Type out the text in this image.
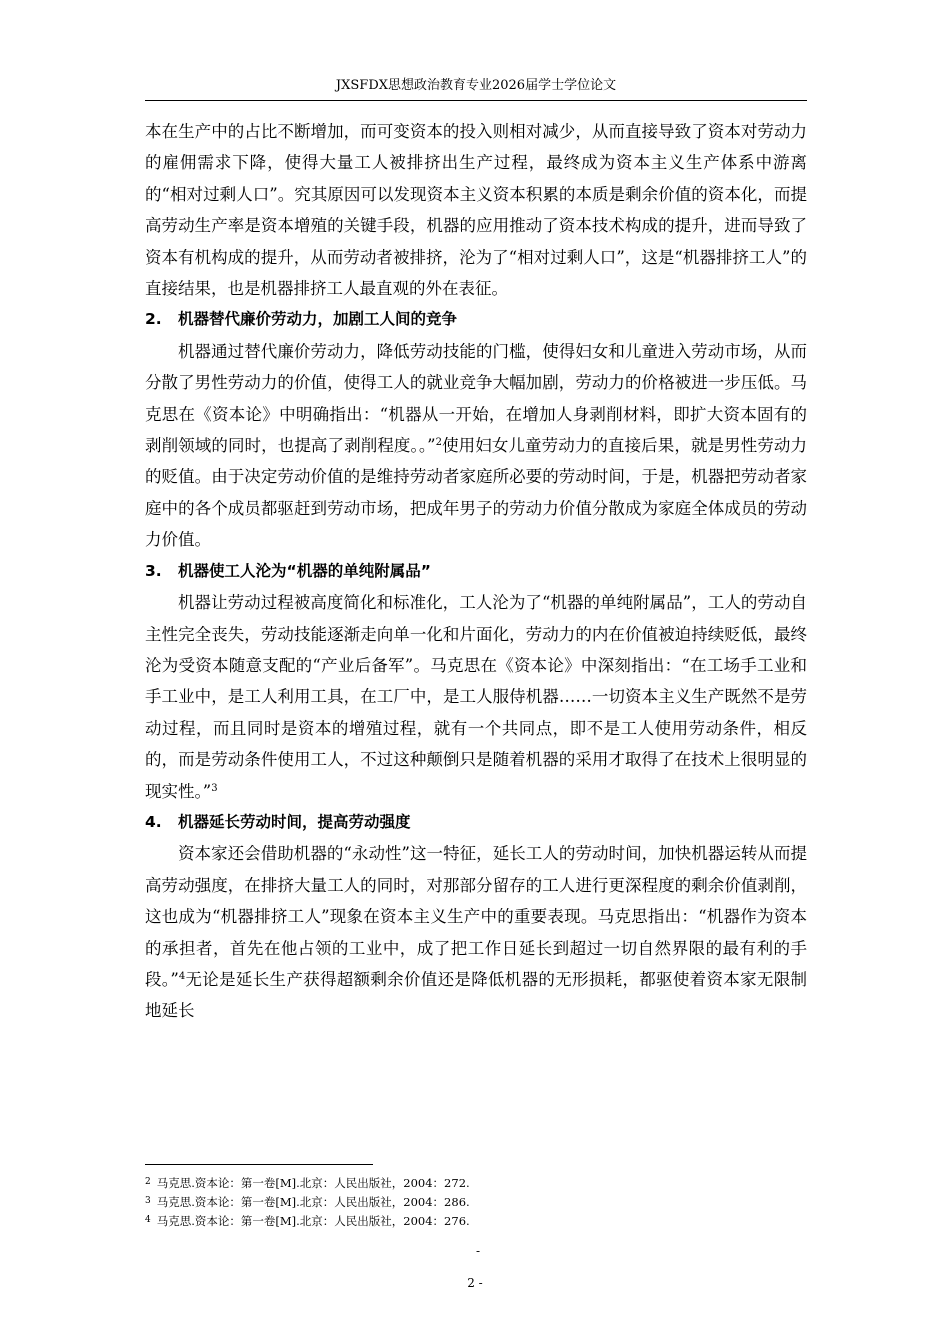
JXSFDX思想政治教育专业2026届学士学位论文

本在生产中的占比不断增加，而可变资本的投入则相对减少，从而直接导致了资本对劳动力的雇佣需求下降，使得大量工人被排挤出生产过程，最终成为资本主义生产体系中游离的“相对过剩人口”。究其原因可以发现资本主义资本积累的本质是剩余价值的资本化，而提高劳动生产率是资本增殖的关键手段，机器的应用推动了资本技术构成的提升，进而导致了资本有机构成的提升，从而劳动者被排挤，沦为了“相对过剩人口”，这是“机器排挤工人”的直接结果，也是机器排挤工人最直观的外在表征。

2. 机器替代廉价劳动力，加剧工人间的竞争

机器通过替代廉价劳动力，降低劳动技能的门槛，使得妇女和儿童进入劳动市场，从而分散了男性劳动力的价值，使得工人的就业竞争大幅加剧，劳动力的价格被进一步压低。马克思在《资本论》中明确指出：“机器从一开始，在增加人身剥削材料，即扩大资本固有的剥削领域的同时，也提高了剥削程度。。”$^2$使用妇女儿童劳动力的直接后果，就是男性劳动力的贬值。由于决定劳动价值的是维持劳动者家庭所必要的劳动时间，于是，机器把劳动者家庭中的各个成员都驱赶到劳动市场，把成年男子的劳动力价值分散成为家庭全体成员的劳动力价值。

3. 机器使工人沦为“机器的单纯附属品”

机器让劳动过程被高度简化和标准化，工人沦为了“机器的单纯附属品”，工人的劳动自主性完全丧失，劳动技能逐渐走向单一化和片面化，劳动力的内在价值被迫持续贬低，最终沦为受资本随意支配的“产业后备军”。马克思在《资本论》中深刻指出：“在工场手工业和手工业中，是工人利用工具，在工厂中，是工人服侍机器……一切资本主义生产既然不是劳动过程，而且同时是资本的增殖过程，就有一个共同点，即不是工人使用劳动条件，相反的，而是劳动条件使用工人，不过这种颠倒只是随着机器的采用才取得了在技术上很明显的现实性。”$^3$

4. 机器延长劳动时间，提高劳动强度

资本家还会借助机器的“永动性”这一特征，延长工人的劳动时间，加快机器运转从而提高劳动强度，在排挤大量工人的同时，对那部分留存的工人进行更深程度的剩余价值剥削，这也成为“机器排挤工人”现象在资本主义生产中的重要表现。马克思指出：“机器作为资本的承担者，首先在他占领的工业中，成了把工作日延长到超过一切自然界限的最有利的手段。”$^4$无论是延长生产获得超额剩余价值还是降低机器的无形损耗，都驱使着资本家无限制地延长

$^2$ 马克思.资本论：第一卷[M].北京：人民出版社，2004：272.

$^3$ 马克思.资本论：第一卷[M].北京：人民出版社，2004：286.

$^4$ 马克思.资本论：第一卷[M].北京：人民出版社，2004：276.

-
2 -
